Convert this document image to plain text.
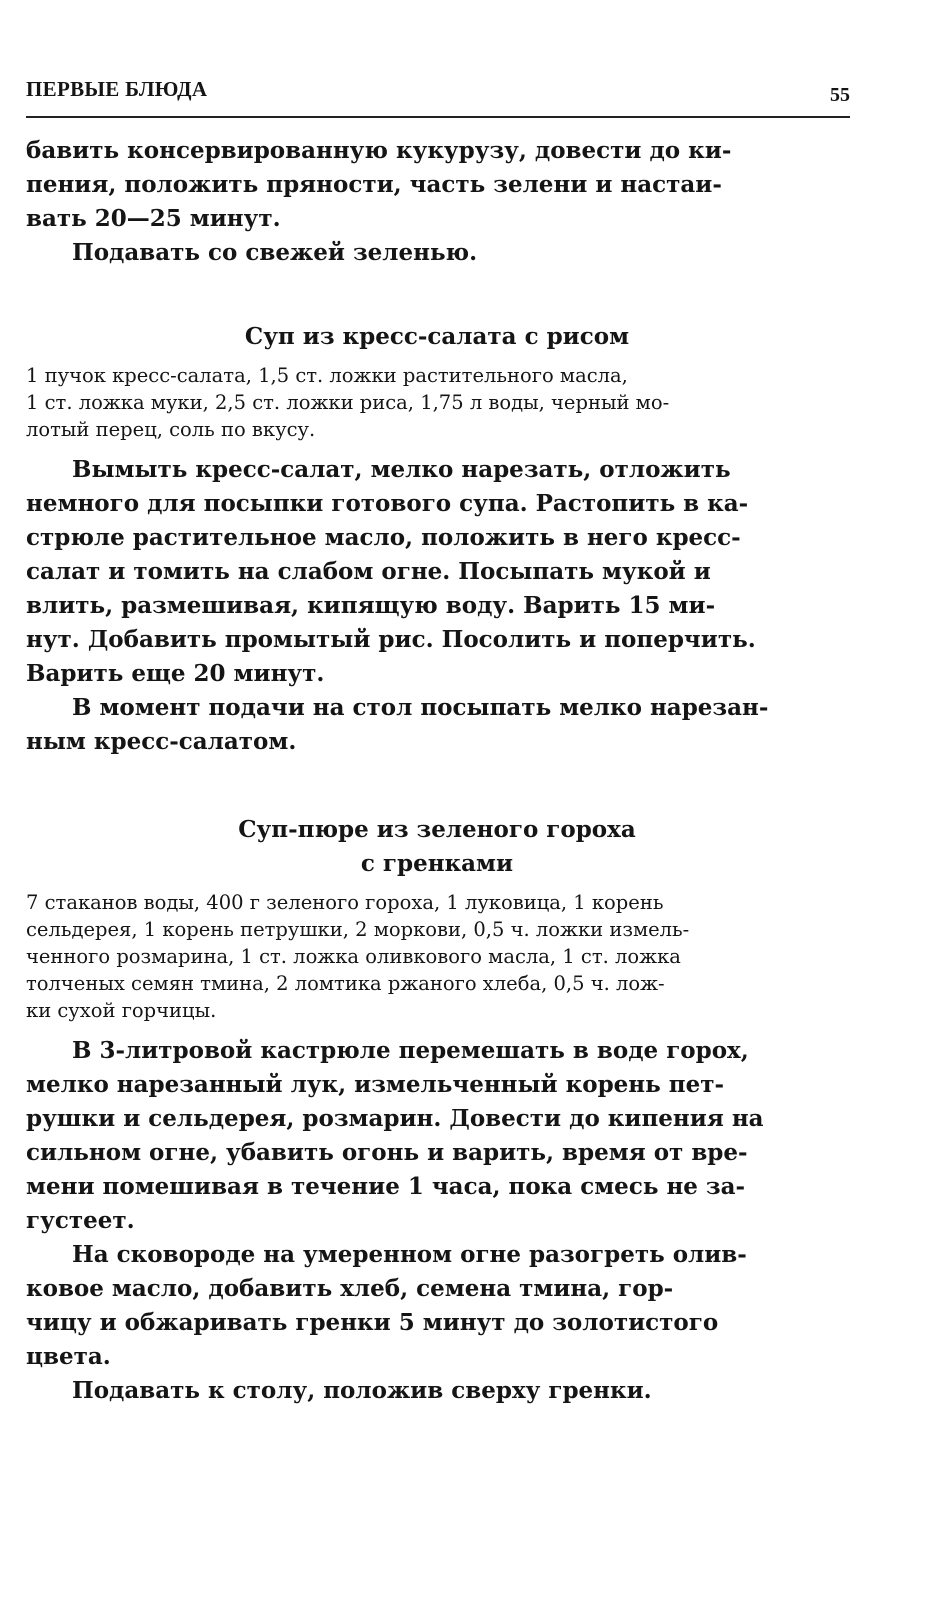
ПЕРВЫЕ БЛЮДА	55
бавить консервированную кукурузу, довести до ки-
пения, положить пряности, часть зелени и настаи-
вать 20—25 минут.
Подавать со свежей зеленью.
Суп из кресс-салата с рисом
1 пучок кресс-салата, 1,5 ст. ложки растительного масла,
1 ст. ложка муки, 2,5 ст. ложки риса, 1,75 л воды, черный мо-
лотый перец, соль по вкусу.
Вымыть кресс-салат, мелко нарезать, отложить
немного для посыпки готового супа. Растопить в ка-
стрюле растительное масло, положить в него кресс-
салат и томить на слабом огне. Посыпать мукой и
влить, размешивая, кипящую воду. Варить 15 ми-
нут. Добавить промытый рис. Посолить и поперчить.
Варить еще 20 минут.
В момент подачи на стол посыпать мелко нарезан-
ным кресс-салатом.
Суп-пюре из зеленого гороха
с гренками
7 стаканов воды, 400 г зеленого гороха, 1 луковица, 1 корень
сельдерея, 1 корень петрушки, 2 моркови, 0,5 ч. ложки измель-
ченного розмарина, 1 ст. ложка оливкового масла, 1 ст. ложка
толченых семян тмина, 2 ломтика ржаного хлеба, 0,5 ч. лож-
ки сухой горчицы.
В 3-литровой кастрюле перемешать в воде горох,
мелко нарезанный лук, измельченный корень пет-
рушки и сельдерея, розмарин. Довести до кипения на
сильном огне, убавить огонь и варить, время от вре-
мени помешивая в течение 1 часа, пока смесь не за-
густеет.
На сковороде на умеренном огне разогреть олив-
ковое масло, добавить хлеб, семена тмина, гор-
чицу и обжаривать гренки 5 минут до золотистого
цвета.
Подавать к столу, положив сверху гренки.
